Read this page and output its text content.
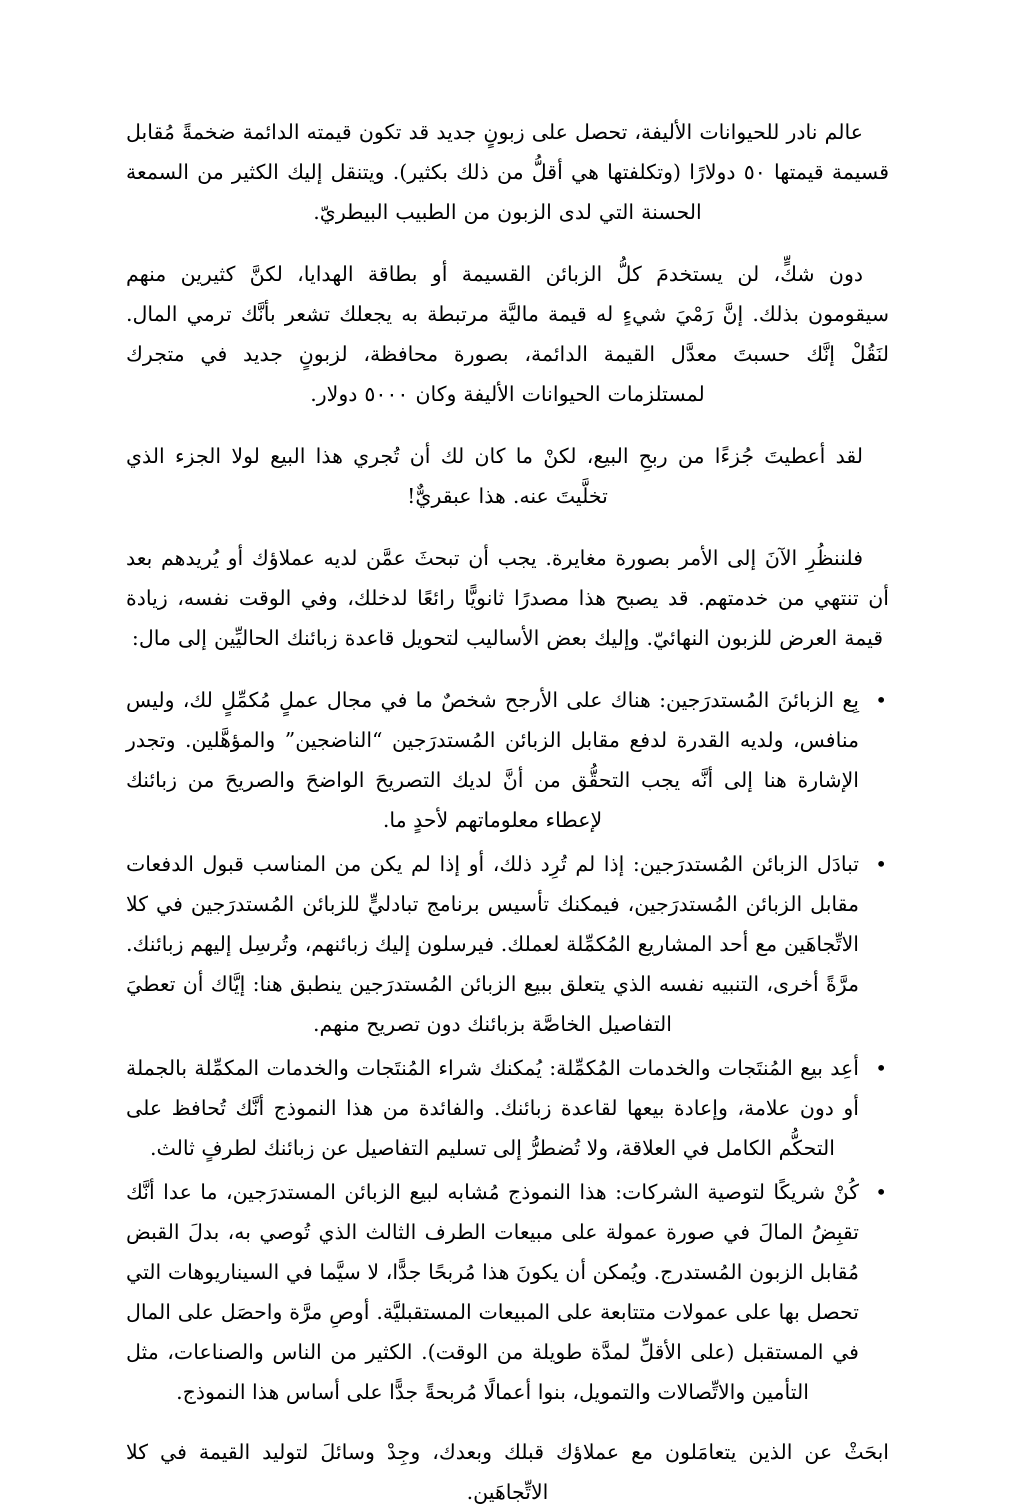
عالم نادر للحيوانات الأليفة، تحصل على زبونٍ جديد قد تكون قيمته الدائمة ضخمةً مُقابل قسيمة قيمتها ٥٠ دولارًا (وتكلفتها هي أقلُّ من ذلك بكثير). ويتنقل إليك الكثير من السمعة الحسنة التي لدى الزبون من الطبيب البيطريّ.

دون شكٍّ، لن يستخدمَ كلُّ الزبائن القسيمة أو بطاقة الهدايا، لكنَّ كثيرين منهم سيقومون بذلك. إنَّ رَمْيَ شيءٍ له قيمة ماليَّة مرتبطة به يجعلك تشعر بأنَّك ترمي المال. لنَقُلْ إنَّك حسبتَ معدَّل القيمة الدائمة، بصورة محافظة، لزبونٍ جديد في متجرك لمستلزمات الحيوانات الأليفة وكان ٥٠٠٠ دولار.

لقد أعطيتَ جُزءًا من ربحِ البيع، لكنْ ما كان لك أن تُجري هذا البيع لولا الجزء الذي تخلَّيتَ عنه. هذا عبقريٌّ!

فلننظُرِ الآنَ إلى الأمر بصورة مغايرة. يجب أن تبحثَ عمَّن لديه عملاؤك أو يُريدهم بعد أن تنتهي من خدمتهم. قد يصبح هذا مصدرًا ثانويًّا رائعًا لدخلك، وفي الوقت نفسه، زيادة قيمة العرض للزبون النهائيّ. وإليك بعض الأساليب لتحويل قاعدة زبائنك الحاليِّين إلى مال:

• بِع الزبائنَ المُستدرَجين: هناك على الأرجح شخصٌ ما في مجال عملٍ مُكمِّلٍ لك، وليس منافس، ولديه القدرة لدفع مقابل الزبائن المُستدرَجين “الناضجين” والمؤهَّلين. وتجدر الإشارة هنا إلى أنَّه يجب التحقُّق من أنَّ لديك التصريحَ الواضحَ والصريحَ من زبائنك لإعطاء معلوماتهم لأحدٍ ما.
• تبادَل الزبائن المُستدرَجين: إذا لم تُرِد ذلك، أو إذا لم يكن من المناسب قبول الدفعات مقابل الزبائن المُستدرَجين، فيمكنك تأسيس برنامج تبادليٍّ للزبائن المُستدرَجين في كلا الاتِّجاهَين مع أحد المشاريع المُكمِّلة لعملك. فيرسلون إليك زبائنهم، وتُرسِل إليهم زبائنك. مرَّةً أخرى، التنبيه نفسه الذي يتعلق ببيع الزبائن المُستدرَجين ينطبق هنا: إيَّاك أن تعطيَ التفاصيل الخاصَّة بزبائنك دون تصريح منهم.
• أعِد بيع المُنتَجات والخدمات المُكمِّلة: يُمكنك شراء المُنتَجات والخدمات المكمِّلة بالجملة أو دون علامة، وإعادة بيعها لقاعدة زبائنك. والفائدة من هذا النموذج أنَّك تُحافظ على التحكُّم الكامل في العلاقة، ولا تُضطرُّ إلى تسليم التفاصيل عن زبائنك لطرفٍ ثالث.
• كُنْ شريكًا لتوصية الشركات: هذا النموذج مُشابه لبيع الزبائن المستدرَجين، ما عدا أنَّك تقبِضُ المالَ في صورة عمولة على مبيعات الطرف الثالث الذي تُوصي به، بدلَ القبض مُقابل الزبون المُستدرج. ويُمكن أن يكونَ هذا مُربحًا جدًّا، لا سيَّما في السيناريوهات التي تحصل بها على عمولات متتابعة على المبيعات المستقبليَّة. أوصِ مرَّة واحصَل على المال في المستقبل (على الأقلِّ لمدَّة طويلة من الوقت). الكثير من الناس والصناعات، مثل التأمين والاتِّصالات والتمويل، بنوا أعمالًا مُربحةً جدًّا على أساس هذا النموذج.

ابحَثْ عن الذين يتعامَلون مع عملاؤك قبلك وبعدك، وجِدْ وسائلَ لتوليد القيمة في كلا الاتِّجاهَين.
